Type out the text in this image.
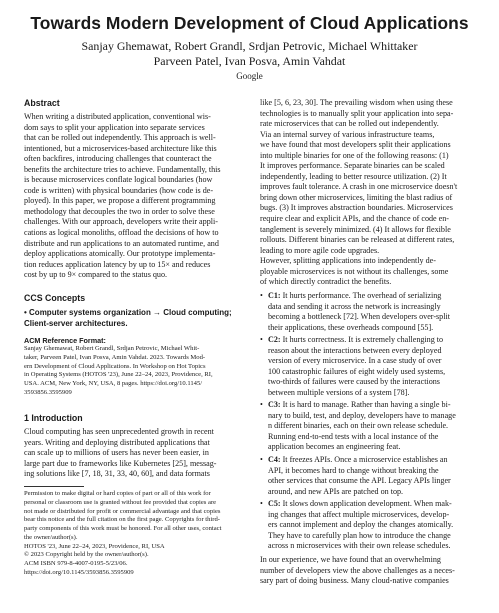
Towards Modern Development of Cloud Applications
Sanjay Ghemawat, Robert Grandl, Srdjan Petrovic, Michael Whittaker
Parveen Patel, Ivan Posva, Amin Vahdat
Google
Abstract
When writing a distributed application, conventional wis-
dom says to split your application into separate services
that can be rolled out independently. This approach is well-
intentioned, but a microservices-based architecture like this
often backfires, introducing challenges that counteract the
benefits the architecture tries to achieve. Fundamentally, this
is because microservices conflate logical boundaries (how
code is written) with physical boundaries (how code is de-
ployed). In this paper, we propose a different programming
methodology that decouples the two in order to solve these
challenges. With our approach, developers write their appli-
cations as logical monoliths, offload the decisions of how to
distribute and run applications to an automated runtime, and
deploy applications atomically. Our prototype implementa-
tion reduces application latency by up to 15× and reduces
cost by up to 9× compared to the status quo.
CCS Concepts
• Computer systems organization → Cloud computing;
Client-server architectures.
ACM Reference Format:
Sanjay Ghemawat, Robert Grandl, Srdjan Petrovic, Michael Whit-
taker, Parveen Patel, Ivan Posva, Amin Vahdat. 2023. Towards Mod-
ern Development of Cloud Applications. In Workshop on Hot Topics
in Operating Systems (HOTOS '23), June 22–24, 2023, Providence, RI,
USA. ACM, New York, NY, USA, 8 pages. https://doi.org/10.1145/
3593856.3595909
1 Introduction
Cloud computing has seen unprecedented growth in recent
years. Writing and deploying distributed applications that
can scale up to millions of users has never been easier, in
large part due to frameworks like Kubernetes [25], messag-
ing solutions like [7, 18, 31, 33, 40, 60], and data formats
Permission to make digital or hard copies of part or all of this work for
personal or classroom use is granted without fee provided that copies are
not made or distributed for profit or commercial advantage and that copies
bear this notice and the full citation on the first page. Copyrights for third-
party components of this work must be honored. For all other uses, contact
the owner/author(s).
HOTOS '23, June 22–24, 2023, Providence, RI, USA
© 2023 Copyright held by the owner/author(s).
ACM ISBN 979-8-4007-0195-5/23/06.
https://doi.org/10.1145/3593856.3595909
like [5, 6, 23, 30]. The prevailing wisdom when using these
technologies is to manually split your application into sepa-
rate microservices that can be rolled out independently.
Via an internal survey of various infrastructure teams,
we have found that most developers split their applications
into multiple binaries for one of the following reasons: (1)
It improves performance. Separate binaries can be scaled
independently, leading to better resource utilization. (2) It
improves fault tolerance. A crash in one microservice doesn't
bring down other microservices, limiting the blast radius of
bugs. (3) It improves abstraction boundaries. Microservices
require clear and explicit APIs, and the chance of code en-
tanglement is severely minimized. (4) It allows for flexible
rollouts. Different binaries can be released at different rates,
leading to more agile code upgrades.
However, splitting applications into independently de-
ployable microservices is not without its challenges, some
of which directly contradict the benefits.
• C1: It hurts performance. The overhead of serializing
data and sending it across the network is increasingly
becoming a bottleneck [72]. When developers over-split
their applications, these overheads compound [55].
• C2: It hurts correctness. It is extremely challenging to
reason about the interactions between every deployed
version of every microservice. In a case study of over
100 catastrophic failures of eight widely used systems,
two-thirds of failures were caused by the interactions
between multiple versions of a system [78].
• C3: It is hard to manage. Rather than having a single bi-
nary to build, test, and deploy, developers have to manage
n different binaries, each on their own release schedule.
Running end-to-end tests with a local instance of the
application becomes an engineering feat.
• C4: It freezes APIs. Once a microservice establishes an
API, it becomes hard to change without breaking the
other services that consume the API. Legacy APIs linger
around, and new APIs are patched on top.
• C5: It slows down application development. When mak-
ing changes that affect multiple microservices, develop-
ers cannot implement and deploy the changes atomically.
They have to carefully plan how to introduce the change
across n microservices with their own release schedules.
In our experience, we have found that an overwhelming
number of developers view the above challenges as a neces-
sary part of doing business. Many cloud-native companies
